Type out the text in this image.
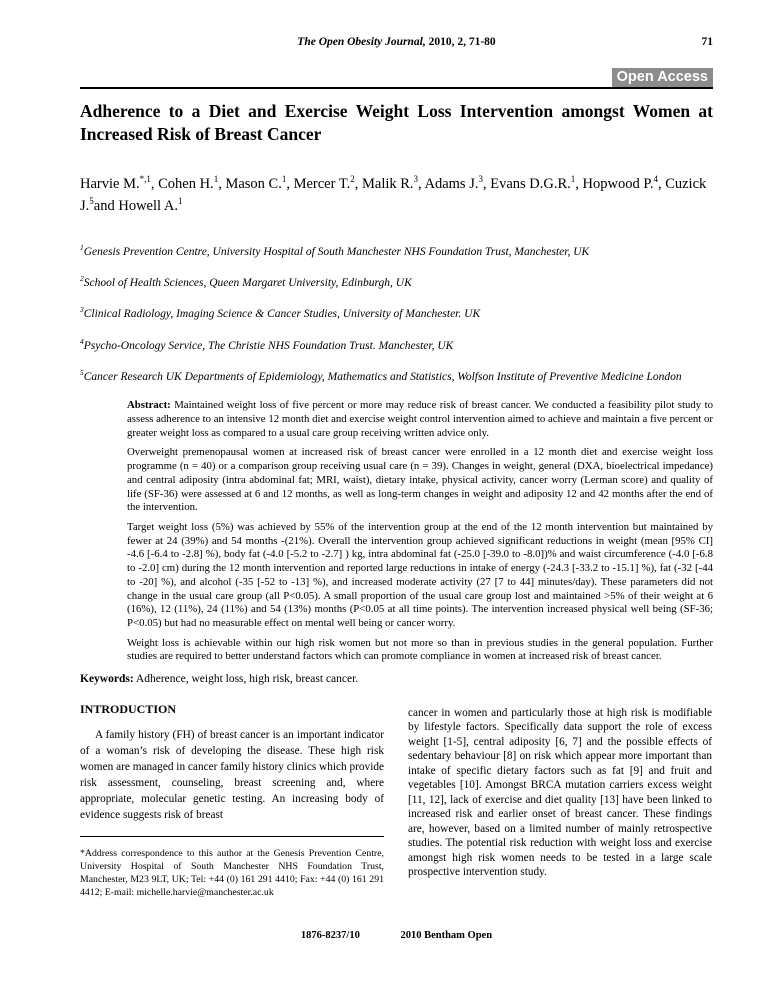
The Open Obesity Journal, 2010, 2, 71-80	71
Open Access
Adherence to a Diet and Exercise Weight Loss Intervention amongst Women at Increased Risk of Breast Cancer
Harvie M.$^{*,1}$, Cohen H.$^1$, Mason C.$^1$, Mercer T.$^2$, Malik R.$^3$, Adams J.$^3$, Evans D.G.R.$^1$, Hopwood P.$^4$, Cuzick J.$^5$and Howell A.$^1$

$^1$Genesis Prevention Centre, University Hospital of South Manchester NHS Foundation Trust, Manchester, UK

$^2$School of Health Sciences, Queen Margaret University, Edinburgh, UK

$^3$Clinical Radiology, Imaging Science & Cancer Studies, University of Manchester. UK

$^4$Psycho-Oncology Service, The Christie NHS Foundation Trust. Manchester, UK

$^5$Cancer Research UK Departments of Epidemiology, Mathematics and Statistics, Wolfson Institute of Preventive Medicine London

Abstract: Maintained weight loss of five percent or more may reduce risk of breast cancer. We conducted a feasibility pilot study to assess adherence to an intensive 12 month diet and exercise weight control intervention aimed to achieve and maintain a five percent or greater weight loss as compared to a usual care group receiving written advice only.

Overweight premenopausal women at increased risk of breast cancer were enrolled in a 12 month diet and exercise weight loss programme (n = 40) or a comparison group receiving usual care (n = 39). Changes in weight, general (DXA, bioelectrical impedance) and central adiposity (intra abdominal fat; MRI, waist), dietary intake, physical activity, cancer worry (Lerman score) and quality of life (SF-36) were assessed at 6 and 12 months, as well as long-term changes in weight and adiposity 12 and 42 months after the end of the intervention.

Target weight loss (5%) was achieved by 55% of the intervention group at the end of the 12 month intervention but maintained by fewer at 24 (39%) and 54 months -(21%). Overall the intervention group achieved significant reductions in weight (mean [95% CI] -4.6 [-6.4 to -2.8] %), body fat (-4.0 [-5.2 to -2.7] ) kg, intra abdominal fat (-25.0 [-39.0 to -8.0])% and waist circumference (-4.0 [-6.8 to -2.0] cm) during the 12 month intervention and reported large reductions in intake of energy (-24.3 [-33.2 to -15.1] %), fat (-32 [-44 to -20] %), and alcohol (-35 [-52 to -13] %), and increased moderate activity (27 [7 to 44] minutes/day). These parameters did not change in the usual care group (all P<0.05). A small proportion of the usual care group lost and maintained >5% of their weight at 6 (16%), 12 (11%), 24 (11%) and 54 (13%) months (P<0.05 at all time points). The intervention increased physical well being (SF-36; P<0.05) but had no measurable effect on mental well being or cancer worry.

Weight loss is achievable within our high risk women but not more so than in previous studies in the general population. Further studies are required to better understand factors which can promote compliance in women at increased risk of breast cancer.

Keywords: Adherence, weight loss, high risk, breast cancer.

INTRODUCTION

A family history (FH) of breast cancer is an important indicator of a woman’s risk of developing the disease. These high risk women are managed in cancer family history clinics which provide risk assessment, counseling, breast screening and, where appropriate, molecular genetic testing. An increasing body of evidence suggests risk of breast

*Address correspondence to this author at the Genesis Prevention Centre, University Hospital of South Manchester NHS Foundation Trust, Manchester, M23 9LT, UK; Tel: +44 (0) 161 291 4410; Fax: +44 (0) 161 291 4412; E-mail: michelle.harvie@manchester.ac.uk

cancer in women and particularly those at high risk is modifiable by lifestyle factors. Specifically data support the role of excess weight [1-5], central adiposity [6, 7] and the possible effects of sedentary behaviour [8] on risk which appear more important than intake of specific dietary factors such as fat [9] and fruit and vegetables [10]. Amongst BRCA mutation carriers excess weight [11, 12], lack of exercise and diet quality [13] have been linked to increased risk and earlier onset of breast cancer. These findings are, however, based on a limited number of mainly retrospective studies. The potential risk reduction with weight loss and exercise amongst high risk women needs to be tested in a large scale prospective intervention study.

1876-8237/10	2010 Bentham Open
